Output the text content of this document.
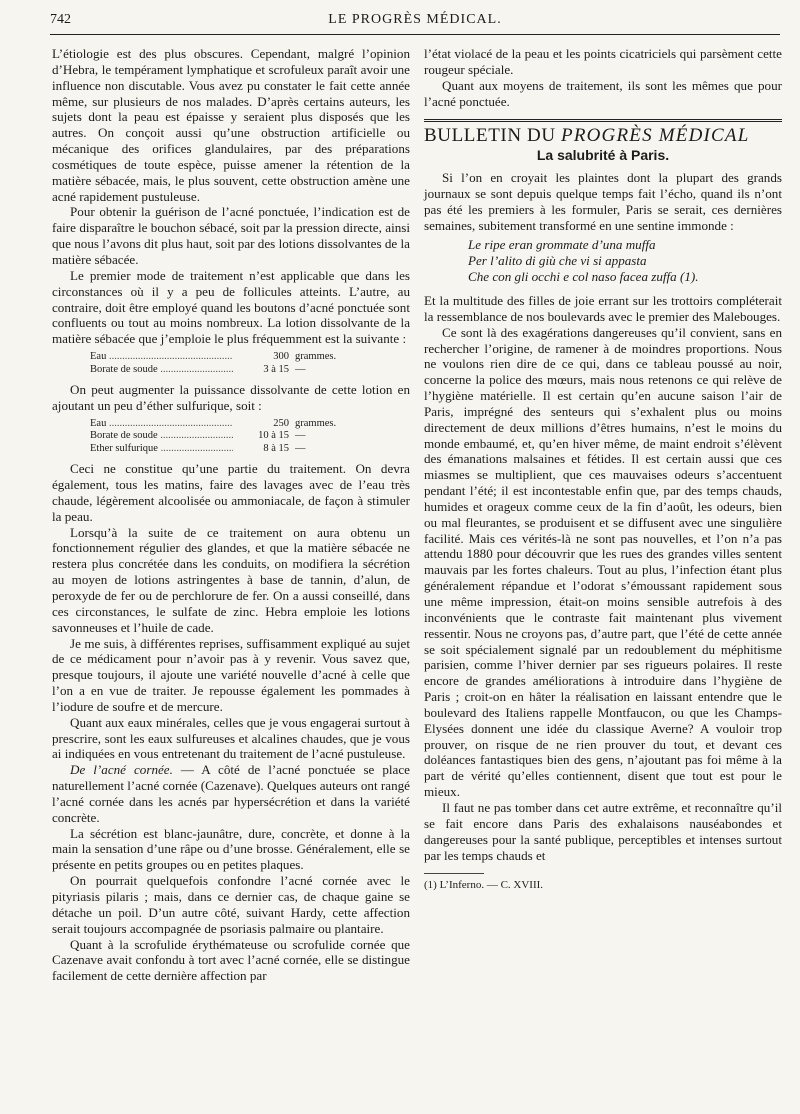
742	LE PROGRÈS MÉDICAL.

L’étiologie est des plus obscures. Cependant, malgré l’opinion d’Hebra, le tempérament lymphatique et scrofuleux paraît avoir une influence non discutable. Vous avez pu constater le fait cette année même, sur plusieurs de nos malades. D’après certains auteurs, les sujets dont la peau est épaisse y seraient plus disposés que les autres. On conçoit aussi qu’une obstruction artificielle ou mécanique des orifices glandulaires, par des préparations cosmétiques de toute espèce, puisse amener la rétention de la matière sébacée, mais, le plus souvent, cette obstruction amène une acné rapidement pustuleuse.

Pour obtenir la guérison de l’acné ponctuée, l’indication est de faire disparaître le bouchon sébacé, soit par la pression directe, ainsi que nous l’avons dit plus haut, soit par des lotions dissolvantes de la matière sébacée.

Le premier mode de traitement n’est applicable que dans les circonstances où il y a peu de follicules atteints. L’autre, au contraire, doit être employé quand les boutons d’acné ponctuée sont confluents ou tout au moins nombreux. La lotion dissolvante de la matière sébacée que j’emploie le plus fréquemment est la suivante :

Eau .....	300 grammes.
Borate de soude .....	3 à 15 —

On peut augmenter la puissance dissolvante de cette lotion en ajoutant un peu d’éther sulfurique, soit :

Eau .....	250 grammes.
Borate de soude .....	10 à 15 —
Ether sulfurique .....	8 à 15 —

Ceci ne constitue qu’une partie du traitement. On devra également, tous les matins, faire des lavages avec de l’eau très chaude, légèrement alcoolisée ou ammoniacale, de façon à stimuler la peau.

Lorsqu’à la suite de ce traitement on aura obtenu un fonctionnement régulier des glandes, et que la matière sébacée ne restera plus concrétée dans les conduits, on modifiera la sécrétion au moyen de lotions astringentes à base de tannin, d’alun, de peroxyde de fer ou de perchlorure de fer. On a aussi conseillé, dans ces circonstances, le sulfate de zinc. Hebra emploie les lotions savonneuses et l’huile de cade.

Je me suis, à différentes reprises, suffisamment expliqué au sujet de ce médicament pour n’avoir pas à y revenir. Vous savez que, presque toujours, il ajoute une variété nouvelle d’acné à celle que l’on a en vue de traiter. Je repousse également les pommades à l’iodure de soufre et de mercure.

Quant aux eaux minérales, celles que je vous engagerai surtout à prescrire, sont les eaux sulfureuses et alcalines chaudes, que je vous ai indiquées en vous entretenant du traitement de l’acné pustuleuse.

De l’acné cornée. — A côté de l’acné ponctuée se place naturellement l’acné cornée (Cazenave). Quelques auteurs ont rangé l’acné cornée dans les acnés par hypersécrétion et dans la variété concrète.

La sécrétion est blanc-jaunâtre, dure, concrète, et donne à la main la sensation d’une râpe ou d’une brosse. Généralement, elle se présente en petits groupes ou en petites plaques.

On pourrait quelquefois confondre l’acné cornée avec le pityriasis pilaris ; mais, dans ce dernier cas, de chaque gaine se détache un poil. D’un autre côté, suivant Hardy, cette affection serait toujours accompagnée de psoriasis palmaire ou plantaire.

Quant à la scrofulide érythémateuse ou scrofulide cornée que Cazenave avait confondu à tort avec l’acné cornée, elle se distingue facilement de cette dernière affection par

l’état violacé de la peau et les points cicatriciels qui parsèment cette rougeur spéciale.

Quant aux moyens de traitement, ils sont les mêmes que pour l’acné ponctuée.

BULLETIN DU PROGRÈS MÉDICAL
La salubrité à Paris.

Si l’on en croyait les plaintes dont la plupart des grands journaux se sont depuis quelque temps fait l’écho, quand ils n’ont pas été les premiers à les formuler, Paris se serait, ces dernières semaines, subitement transformé en une sentine immonde :

Le ripe eran grommate d’una muffa
Per l’alito di giù che vi si appasta
Che con gli occhi e col naso facea zuffa (1).

Et la multitude des filles de joie errant sur les trottoirs compléterait la ressemblance de nos boulevards avec le premier des Malebouges.

Ce sont là des exagérations dangereuses qu’il convient, sans en rechercher l’origine, de ramener à de moindres proportions. Nous ne voulons rien dire de ce qui, dans ce tableau poussé au noir, concerne la police des mœurs, mais nous retenons ce qui relève de l’hygiène matérielle. Il est certain qu’en aucune saison l’air de Paris, imprégné des senteurs qui s’exhalent plus ou moins directement de deux millions d’êtres humains, n’est le moins du monde embaumé, et, qu’en hiver même, de maint endroit s’élèvent des émanations malsaines et fétides. Il est certain aussi que ces miasmes se multiplient, que ces mauvaises odeurs s’accentuent pendant l’été; il est incontestable enfin que, par des temps chauds, humides et orageux comme ceux de la fin d’août, les odeurs, bien ou mal fleurantes, se produisent et se diffusent avec une singulière facilité. Mais ces vérités-là ne sont pas nouvelles, et l’on n’a pas attendu 1880 pour découvrir que les rues des grandes villes sentent mauvais par les fortes chaleurs. Tout au plus, l’infection étant plus généralement répandue et l’odorat s’émoussant rapidement sous une même impression, était-on moins sensible autrefois à des inconvénients que le contraste fait maintenant plus vivement ressentir. Nous ne croyons pas, d’autre part, que l’été de cette année se soit spécialement signalé par un redoublement du méphitisme parisien, comme l’hiver dernier par ses rigueurs polaires. Il reste encore de grandes améliorations à introduire dans l’hygiène de Paris ; croit-on en hâter la réalisation en laissant entendre que le boulevard des Italiens rappelle Montfaucon, ou que les Champs-Elysées donnent une idée du classique Averne? A vouloir trop prouver, on risque de ne rien prouver du tout, et devant ces doléances fantastiques bien des gens, n’ajoutant pas foi même à la part de vérité qu’elles contiennent, disent que tout est pour le mieux.

Il faut ne pas tomber dans cet autre extrême, et reconnaître qu’il se fait encore dans Paris des exhalaisons nauséabondes et dangereuses pour la santé publique, perceptibles et intenses surtout par les temps chauds et

(1) L’Inferno. — C. XVIII.
